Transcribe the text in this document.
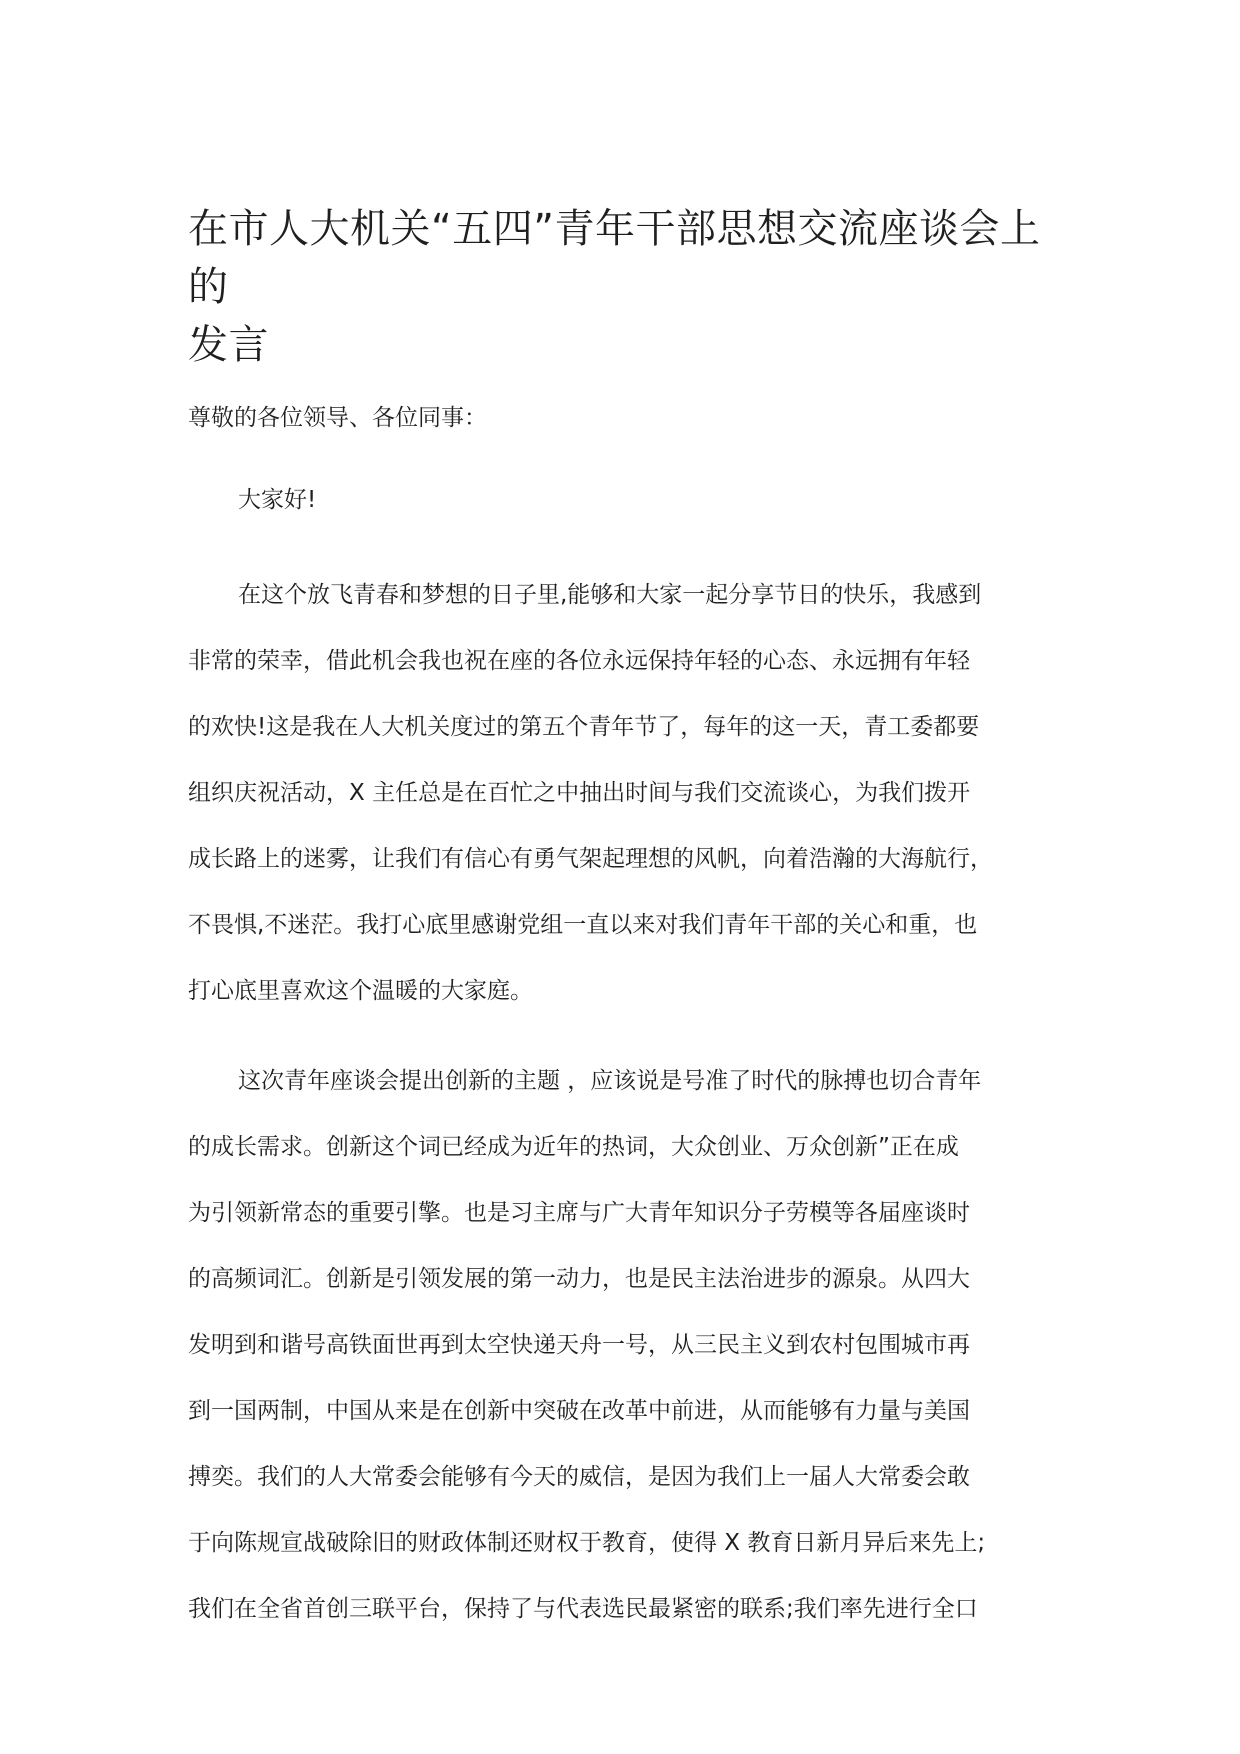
在市人大机关“五四”青年干部思想交流座谈会上的
发言

尊敬的各位领导、各位同事：

大家好!

在这个放飞青春和梦想的日子里,能够和大家一起分享节日的快乐，我感到
非常的荣幸，借此机会我也祝在座的各位永远保持年轻的心态、永远拥有年轻
的欢快!这是我在人大机关度过的第五个青年节了，每年的这一天，青工委都要
组织庆祝活动，X 主任总是在百忙之中抽出时间与我们交流谈心，为我们拨开
成长路上的迷雾，让我们有信心有勇气架起理想的风帆，向着浩瀚的大海航行，
不畏惧,不迷茫。我打心底里感谢党组一直以来对我们青年干部的关心和重，也
打心底里喜欢这个温暖的大家庭。
这次青年座谈会提出创新的主题 ，应该说是号准了时代的脉搏也切合青年
的成长需求。创新这个词已经成为近年的热词，大众创业、万众创新”正在成
为引领新常态的重要引擎。也是习主席与广大青年知识分子劳模等各届座谈时
的高频词汇。创新是引领发展的第一动力，也是民主法治进步的源泉。从四大
发明到和谐号高铁面世再到太空快递天舟一号，从三民主义到农村包围城市再
到一国两制，中国从来是在创新中突破在改革中前进，从而能够有力量与美国
搏奕。我们的人大常委会能够有今天的威信，是因为我们上一届人大常委会敢
于向陈规宣战破除旧的财政体制还财权于教育，使得 X 教育日新月异后来先上;
我们在全省首创三联平台，保持了与代表选民最紧密的联系;我们率先进行全口
